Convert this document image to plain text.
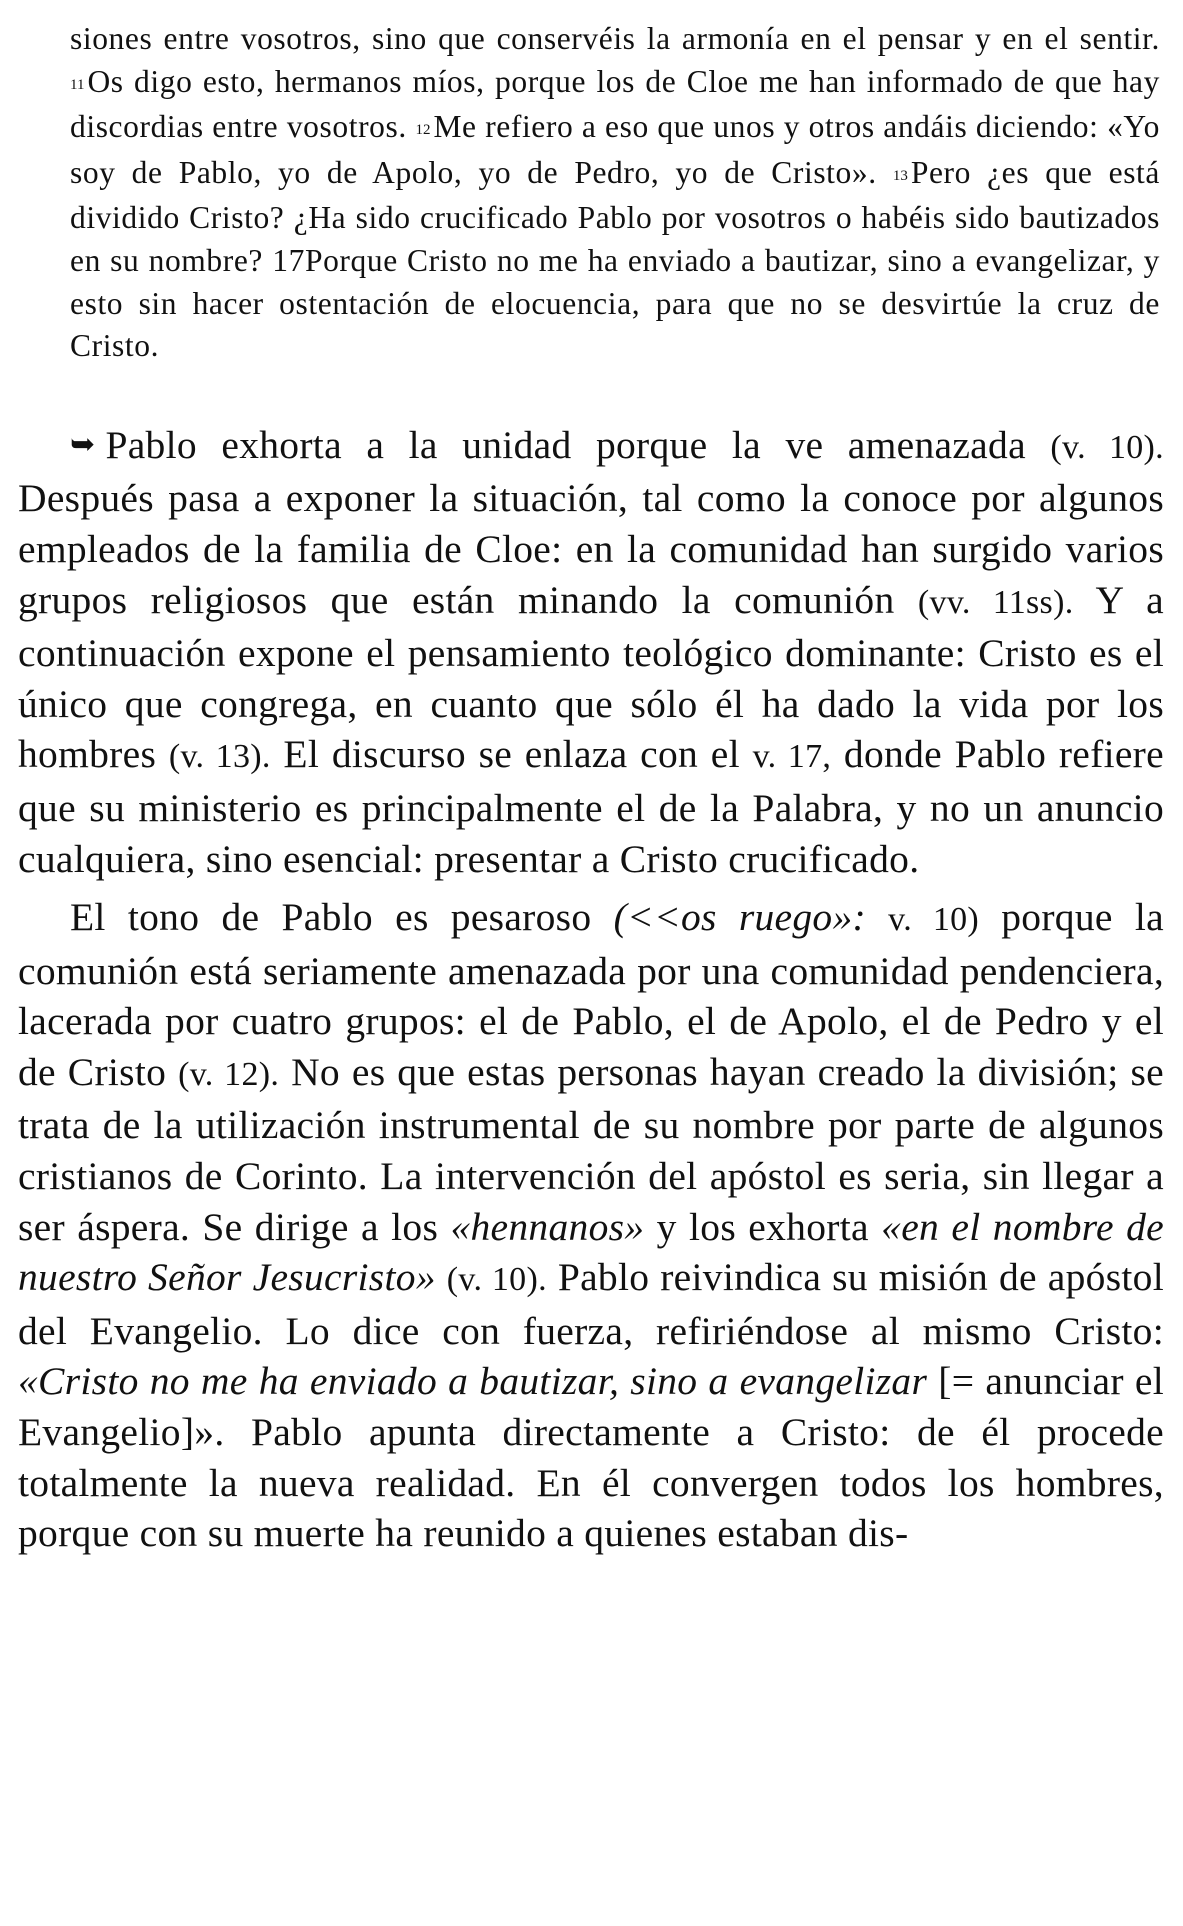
siones entre vosotros, sino que conservéis la armonía en el pensar y en el sentir. 11Os digo esto, hermanos míos, porque los de Cloe me han informado de que hay discordias entre vosotros. 12Me refiero a eso que unos y otros andáis diciendo: «Yo soy de Pablo, yo de Apolo, yo de Pedro, yo de Cristo». 13Pero ¿es que está dividido Cristo? ¿Ha sido crucificado Pablo por vosotros o habéis sido bautizados en su nombre? 17Porque Cristo no me ha enviado a bautizar, sino a evangelizar, y esto sin hacer ostentación de elocuencia, para que no se desvirtúe la cruz de Cristo.

➥ Pablo exhorta a la unidad porque la ve amenazada (v. 10). Después pasa a exponer la situación, tal como la conoce por algunos empleados de la familia de Cloe: en la comunidad han surgido varios grupos religiosos que están minando la comunión (vv. 11ss). Y a continuación expone el pensamiento teológico dominante: Cristo es el único que congrega, en cuanto que sólo él ha dado la vida por los hombres (v. 13). El discurso se enlaza con el v. 17, donde Pablo refiere que su ministerio es principalmente el de la Palabra, y no un anuncio cualquiera, sino esencial: presentar a Cristo crucificado.

El tono de Pablo es pesaroso (<<os ruego»: v. 10) porque la comunión está seriamente amenazada por una comunidad pendenciera, lacerada por cuatro grupos: el de Pablo, el de Apolo, el de Pedro y el de Cristo (v. 12). No es que estas personas hayan creado la división; se trata de la utilización instrumental de su nombre por parte de algunos cristianos de Corinto. La intervención del apóstol es seria, sin llegar a ser áspera. Se dirige a los «hennanos» y los exhorta «en el nombre de nuestro Señor Jesucristo» (v. 10). Pablo reivindica su misión de apóstol del Evangelio. Lo dice con fuerza, refiriéndose al mismo Cristo: «Cristo no me ha enviado a bautizar, sino a evangelizar [= anunciar el Evangelio]». Pablo apunta directamente a Cristo: de él procede totalmente la nueva realidad. En él convergen todos los hombres, porque con su muerte ha reunido a quienes estaban dis-
